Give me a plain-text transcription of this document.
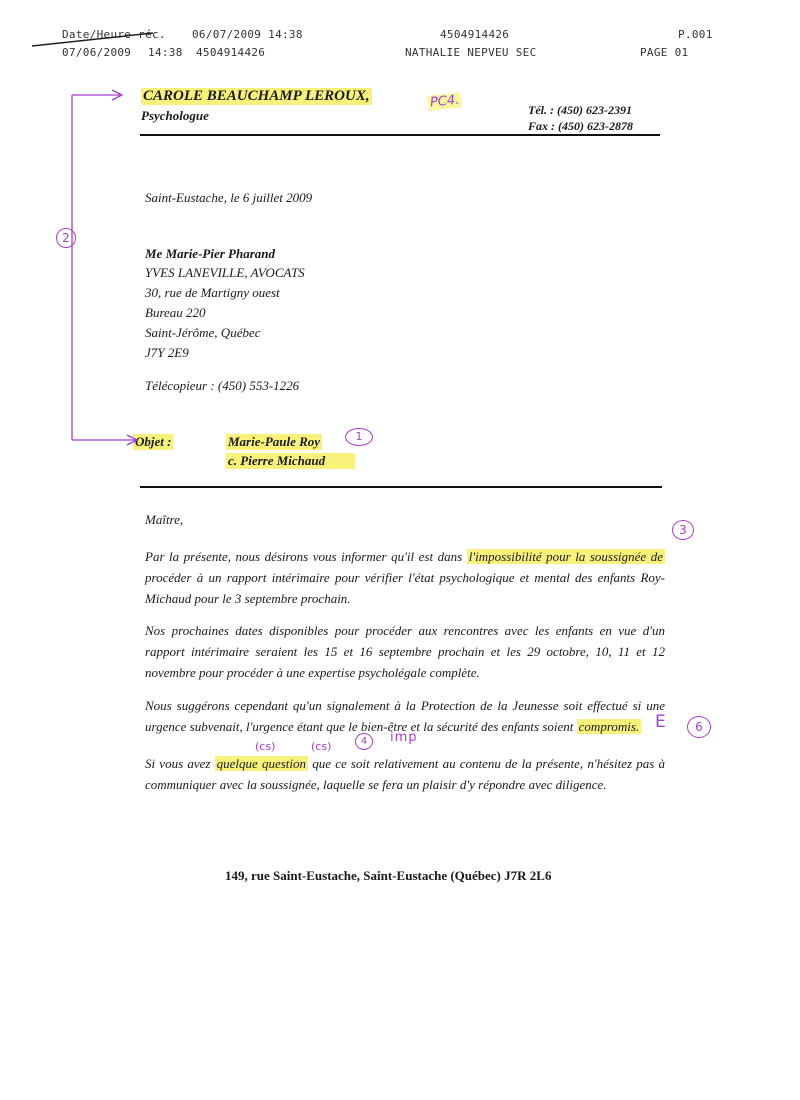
Date/Heure réc. 06/07/2009 14:38	4504914426	P.001
07/06/2009 14:38 4504914426	NATHALIE NEPVEU SEC	PAGE 01
CAROLE BEAUCHAMP LEROUX,
Psychologue	Tél. : (450) 623-2391
Fax : (450) 623-2878
PC4.
Saint-Eustache, le 6 juillet 2009
Me Marie-Pier Pharand
YVES LANEVILLE, AVOCATS
30, rue de Martigny ouest
Bureau 220
Saint-Jérôme, Québec
J7Y 2E9
Télécopieur : (450) 553-1226
Objet :	Marie-Paule Roy
c. Pierre Michaud
2
1
Maître,
3
Par la présente, nous désirons vous informer qu'il est dans l'impossibilité pour la soussignée de procéder à un rapport intérimaire pour vérifier l'état psychologique et mental des enfants Roy-Michaud pour le 3 septembre prochain.
Nos prochaines dates disponibles pour procéder aux rencontres avec les enfants en vue d'un rapport intérimaire seraient les 15 et 16 septembre prochain et les 29 octobre, 10, 11 et 12 novembre pour procéder à une expertise psycholégale complète.
Nous suggérons cependant qu'un signalement à la Protection de la Jeunesse soit effectué si une urgence subvenait, l'urgence étant que le bien-être et la sécurité des enfants soient compromis. E	6
(cs)	(cs)	4	imp
Si vous avez quelque question que ce soit relativement au contenu de la présente, n'hésitez pas à communiquer avec la soussignée, laquelle se fera un plaisir d'y répondre avec diligence.
149, rue Saint-Eustache, Saint-Eustache (Québec) J7R 2L6
